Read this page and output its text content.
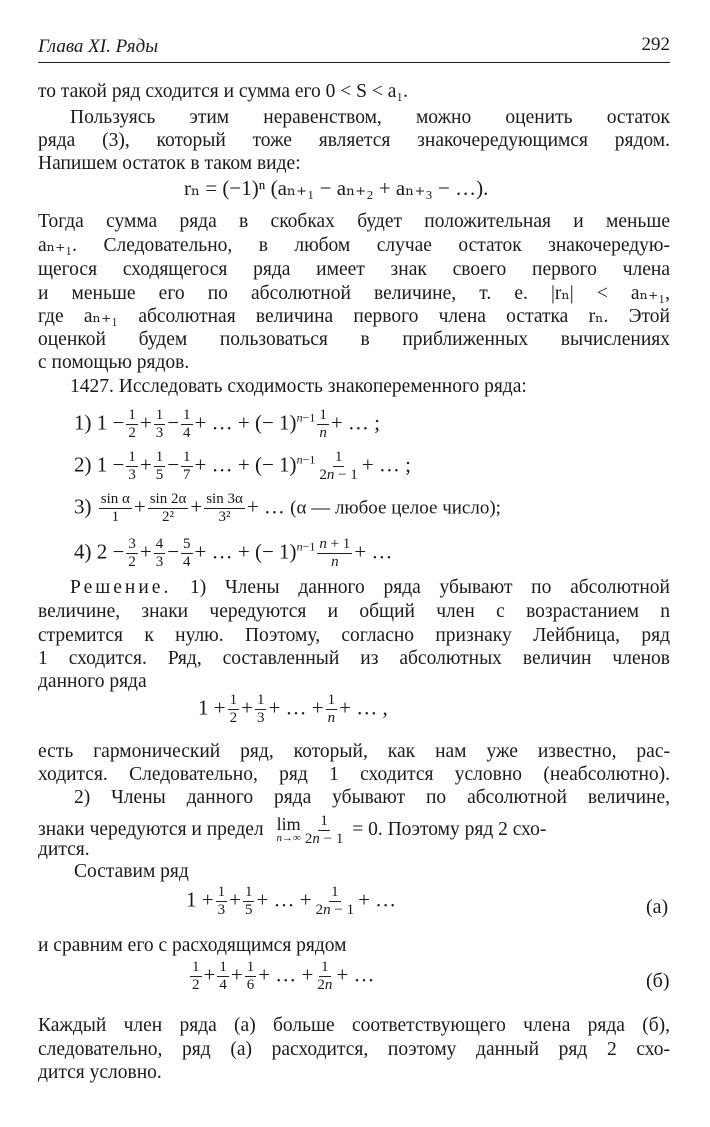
Глава XI. Ряды	292
то такой ряд сходится и сумма его 0 < S < a₁.
Пользуясь этим неравенством, можно оценить остаток
ряда (3), который тоже является знакочередующимся рядом.
Напишем остаток в таком виде:
rₙ = (−1)ⁿ (aₙ₊₁ − aₙ₊₂ + aₙ₊₃ − …).
Тогда сумма ряда в скобках будет положительная и меньше
aₙ₊₁. Следовательно, в любом случае остаток знакочередую-
щегося сходящегося ряда имеет знак своего первого члена
и меньше его по абсолютной величине, т. е. |rₙ| < aₙ₊₁,
где aₙ₊₁ абсолютная величина первого члена остатка rₙ. Этой
оценкой будем пользоваться в приближенных вычислениях
с помощью рядов.
1427. Исследовать сходимость знакопеременного ряда:
1) $1 - \frac{1}{2} + \frac{1}{3} - \frac{1}{4}$ + … + (− $1)^{n-1} \frac{1}{n}$ + … ;
2) $1 - \frac{1}{3} + \frac{1}{5} - \frac{1}{7}$ + … + (− $1)^{n-1} \frac{1}{2n - 1}$ + … ;
$3) \frac{\text{sin α}}{1} + \frac{\sin 2\alpha}{\text{2²}} + \frac{\sin 3\alpha}{\text{3²}}$ + … (α — любое целое число);
4) $2 - \frac{3}{2} + \frac{4}{3} - \frac{5}{4}$ + … + (− $1)^{n-1} \frac{n + 1}{n}$ + …
Решение. 1) Члены данного ряда убывают по абсолютной
величине, знаки чередуются и общий член с возрастанием n
стремится к нулю. Поэтому, согласно признаку Лейбница, ряд
1 сходится. Ряд, составленный из абсолютных величин членов
данного ряда
$1 + \frac{1}{2} + \frac{1}{3}$ + … + $\frac{1}{n}$ + … ,
есть гармонический ряд, который, как нам уже известно, рас-
ходится. Следовательно, ряд 1 сходится условно (неабсолютно).
2) Члены данного ряда убывают по абсолютной величине,
знаки чередуются и предел lim
$n\to\infty \frac{1}{2n - 1} = 0$. Поэтому ряд 2 схо-
дится.
Составим ряд
$1 + \frac{1}{3} + \frac{1}{5}$ + … + $\frac{1}{2n - 1}$ + …	(а)
и сравним его с расходящимся рядом
$\frac{1}{2} + \frac{1}{4} + \frac{1}{6}$ + … + $\frac{1}{2n}$ + …	(б)
Каждый член ряда (а) больше соответствующего члена ряда (б),
следовательно, ряд (а) расходится, поэтому данный ряд 2 схо-
дится условно.
